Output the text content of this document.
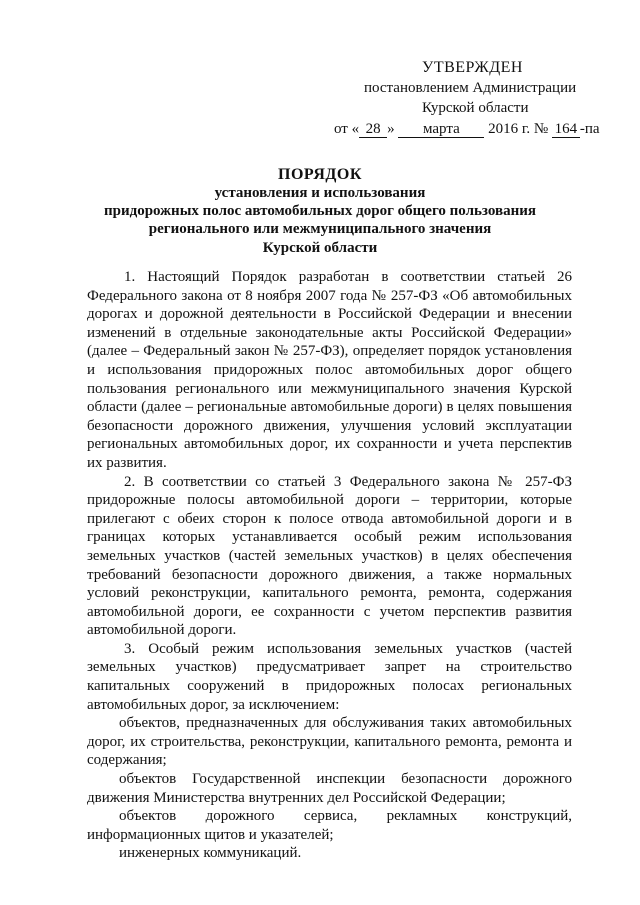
УТВЕРЖДЕН
постановлением Администрации
Курской области
от « 28 » марта 2016 г. № 164 -па
ПОРЯДОК
установления и использования
придорожных полос автомобильных дорог общего пользования
регионального или межмуниципального значения
Курской области

1. Настоящий Порядок разработан в соответствии статьей 26 Федерального закона от 8 ноября 2007 года № 257-ФЗ «Об автомобильных дорогах и дорожной деятельности в Российской Федерации и внесении изменений в отдельные законодательные акты Российской Федерации» (далее – Федеральный закон № 257-ФЗ), определяет порядок установления и использования придорожных полос автомобильных дорог общего пользования регионального или межмуниципального значения Курской области (далее – региональные автомобильные дороги) в целях повышения безопасности дорожного движения, улучшения условий эксплуатации региональных автомобильных дорог, их сохранности и учета перспектив их развития.

2. В соответствии со статьей 3 Федерального закона № 257-ФЗ придорожные полосы автомобильной дороги – территории, которые прилегают с обеих сторон к полосе отвода автомобильной дороги и в границах которых устанавливается особый режим использования земельных участков (частей земельных участков) в целях обеспечения требований безопасности дорожного движения, а также нормальных условий реконструкции, капитального ремонта, ремонта, содержания автомобильной дороги, ее сохранности с учетом перспектив развития автомобильной дороги.

3. Особый режим использования земельных участков (частей земельных участков) предусматривает запрет на строительство капитальных сооружений в придорожных полосах региональных автомобильных дорог, за исключением:

объектов, предназначенных для обслуживания таких автомобильных дорог, их строительства, реконструкции, капитального ремонта, ремонта и содержания;

объектов Государственной инспекции безопасности дорожного движения Министерства внутренних дел Российской Федерации;

объектов дорожного сервиса, рекламных конструкций, информационных щитов и указателей;

инженерных коммуникаций.
